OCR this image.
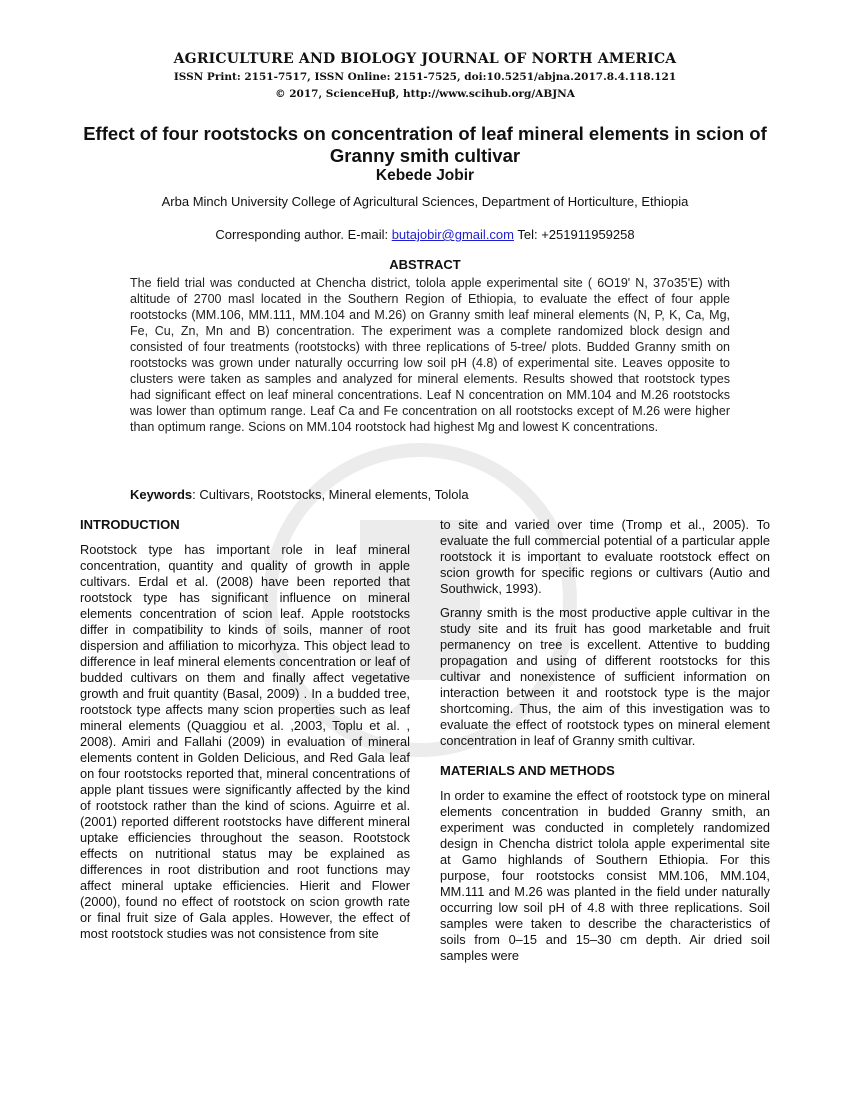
AGRICULTURE AND BIOLOGY JOURNAL OF NORTH AMERICA
ISSN Print: 2151-7517, ISSN Online: 2151-7525, doi:10.5251/abjna.2017.8.4.118.121
© 2017, ScienceHuβ, http://www.scihub.org/ABJNA
Effect of four rootstocks on concentration of leaf mineral elements in scion of Granny smith cultivar
Kebede Jobir
Arba Minch University College of Agricultural Sciences, Department of Horticulture, Ethiopia
Corresponding author. E-mail: butajobir@gmail.com Tel: +251911959258
ABSTRACT

The field trial was conducted at Chencha district, tolola apple experimental site ( 6O19' N, 37o35'E) with altitude of 2700 masl located in the Southern Region of Ethiopia, to evaluate the effect of four apple rootstocks (MM.106, MM.111, MM.104 and M.26) on Granny smith leaf mineral elements (N, P, K, Ca, Mg, Fe, Cu, Zn, Mn and B) concentration. The experiment was a complete randomized block design and consisted of four treatments (rootstocks) with three replications of 5-tree/ plots. Budded Granny smith on rootstocks was grown under naturally occurring low soil pH (4.8) of experimental site. Leaves opposite to clusters were taken as samples and analyzed for mineral elements. Results showed that rootstock types had significant effect on leaf mineral concentrations. Leaf N concentration on MM.104 and M.26 rootstocks was lower than optimum range. Leaf Ca and Fe concentration on all rootstocks except of M.26 were higher than optimum range. Scions on MM.104 rootstock had highest Mg and lowest K concentrations.

Keywords: Cultivars, Rootstocks, Mineral elements, Tolola
INTRODUCTION

Rootstock type has important role in leaf mineral concentration, quantity and quality of growth in apple cultivars. Erdal et al. (2008) have been reported that rootstock type has significant influence on mineral elements concentration of scion leaf. Apple rootstocks differ in compatibility to kinds of soils, manner of root dispersion and affiliation to micorhyza. This object lead to difference in leaf mineral elements concentration or leaf of budded cultivars on them and finally affect vegetative growth and fruit quantity (Basal, 2009) . In a budded tree, rootstock type affects many scion properties such as leaf mineral elements (Quaggiou et al. ,2003, Toplu et al. , 2008). Amiri and Fallahi (2009) in evaluation of mineral elements content in Golden Delicious, and Red Gala leaf on four rootstocks reported that, mineral concentrations of apple plant tissues were significantly affected by the kind of rootstock rather than the kind of scions. Aguirre et al. (2001) reported different rootstocks have different mineral uptake efficiencies throughout the season. Rootstock effects on nutritional status may be explained as differences in root distribution and root functions may affect mineral uptake efficiencies. Hierit and Flower (2000), found no effect of rootstock on scion growth rate or final fruit size of Gala apples. However, the effect of most rootstock studies was not consistence from site

to site and varied over time (Tromp et al., 2005). To evaluate the full commercial potential of a particular apple rootstock it is important to evaluate rootstock effect on scion growth for specific regions or cultivars (Autio and Southwick, 1993).

Granny smith is the most productive apple cultivar in the study site and its fruit has good marketable and fruit permanency on tree is excellent. Attentive to budding propagation and using of different rootstocks for this cultivar and nonexistence of sufficient information on interaction between it and rootstock type is the major shortcoming. Thus, the aim of this investigation was to evaluate the effect of rootstock types on mineral element concentration in leaf of Granny smith cultivar.

MATERIALS AND METHODS

In order to examine the effect of rootstock type on mineral elements concentration in budded Granny smith, an experiment was conducted in completely randomized design in Chencha district tolola apple experimental site at Gamo highlands of Southern Ethiopia. For this purpose, four rootstocks consist MM.106, MM.104, MM.111 and M.26 was planted in the field under naturally occurring low soil pH of 4.8 with three replications. Soil samples were taken to describe the characteristics of soils from 0–15 and 15–30 cm depth. Air dried soil samples were
